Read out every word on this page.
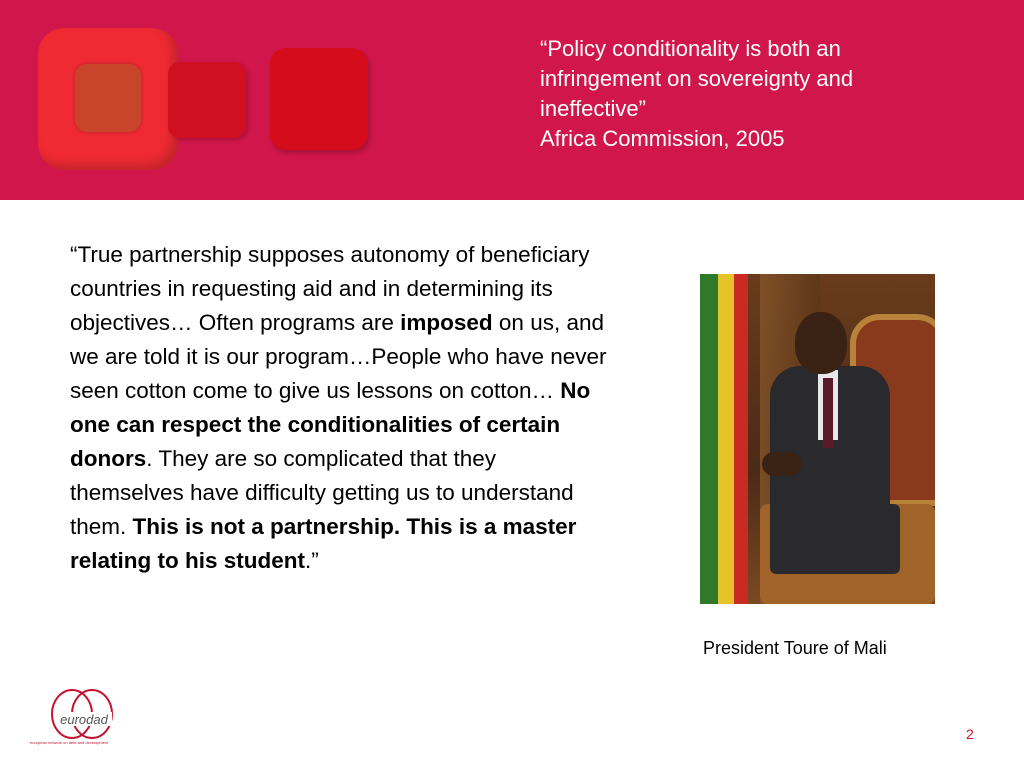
“Policy conditionality is both an
infringement on sovereignty and
ineffective”
Africa Commission, 2005
“True partnership supposes autonomy of beneficiary countries in requesting aid and in determining its objectives… Often programs are imposed on us, and we are told it is our program…People who have never seen cotton come to give us lessons on cotton… No one can respect the conditionalities of certain donors. They are so complicated that they themselves have difficulty getting us to understand them. This is not a partnership. This is a master relating to his student.”
President Toure of Mali
eurodad
european network on debt and development
2
